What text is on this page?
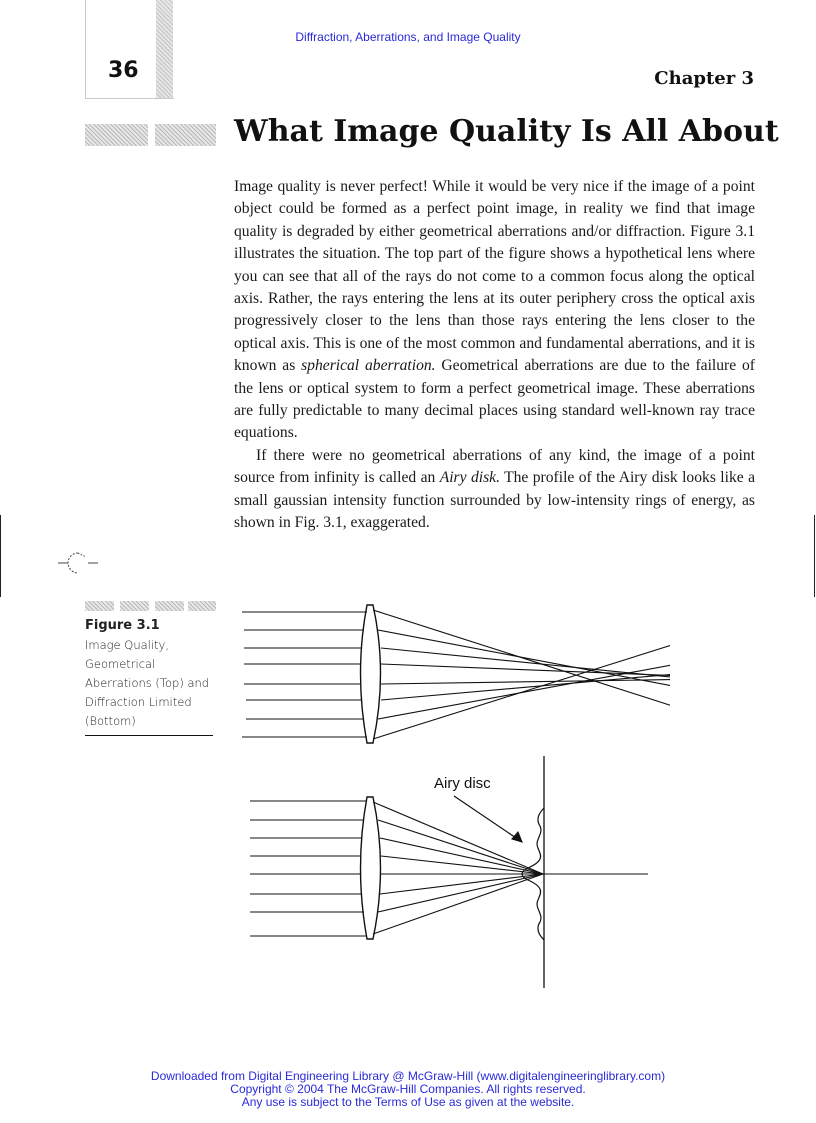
Diffraction, Aberrations, and Image Quality
36	Chapter 3
What Image Quality Is All About

Image quality is never perfect! While it would be very nice if the image of a point object could be formed as a perfect point image, in reality we find that image quality is degraded by either geometrical aberrations and/or diffraction. Figure 3.1 illustrates the situation. The top part of the figure shows a hypothetical lens where you can see that all of the rays do not come to a common focus along the optical axis. Rather, the rays entering the lens at its outer periphery cross the optical axis progressively closer to the lens than those rays entering the lens closer to the optical axis. This is one of the most common and fundamental aberrations, and it is known as spherical aberration. Geometrical aberrations are due to the failure of the lens or optical system to form a perfect geometrical image. These aberrations are fully predictable to many decimal places using standard well-known ray trace equations.

If there were no geometrical aberrations of any kind, the image of a point source from infinity is called an Airy disk. The profile of the Airy disk looks like a small gaussian intensity function surrounded by low-intensity rings of energy, as shown in Fig. 3.1, exaggerated.

Figure 3.1
Image Quality, Geometrical Aberrations (Top) and Diffraction Limited (Bottom)
Airy disc
Downloaded from Digital Engineering Library @ McGraw-Hill (www.digitalengineeringlibrary.com)
Copyright © 2004 The McGraw-Hill Companies. All rights reserved.
Any use is subject to the Terms of Use as given at the website.
